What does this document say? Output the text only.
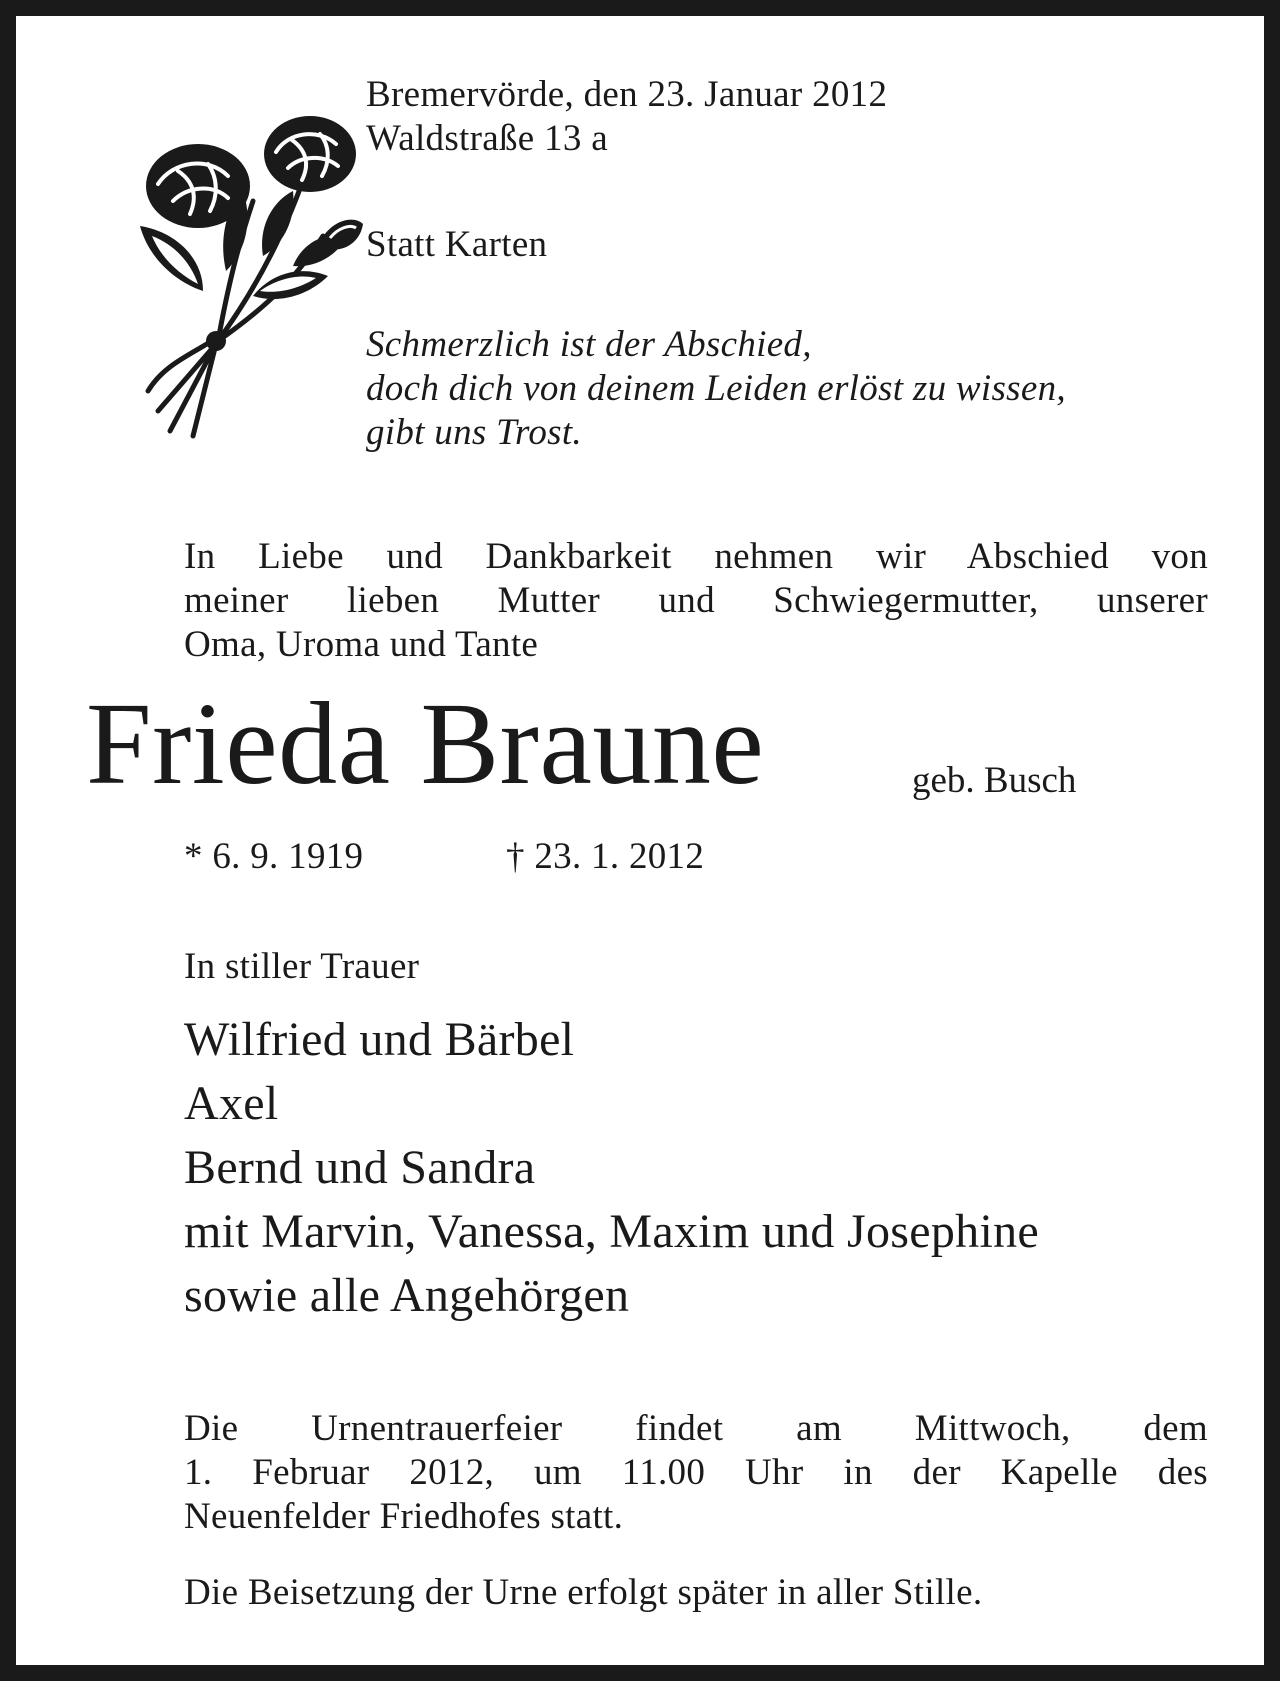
Bremervörde, den 23. Januar 2012

Waldstraße 13 a

Statt Karten

Schmerzlich ist der Abschied,

doch dich von deinem Leiden erlöst zu wissen,

gibt uns Trost.

In Liebe und Dankbarkeit nehmen wir Abschied von
meiner lieben Mutter und Schwiegermutter, unserer

Oma, Uroma und Tante

Frieda Braune	geb. Busch

* 6. 9. 1919	† 23. 1. 2012

In stiller Trauer

Wilfried und Bärbel

Axel

Bernd und Sandra

mit Marvin, Vanessa, Maxim und Josephine

sowie alle Angehörgen

Die Urnentrauerfeier findet am Mittwoch, dem
1. Februar 2012, um 11.00 Uhr in der Kapelle des

Neuenfelder Friedhofes statt.

Die Beisetzung der Urne erfolgt später in aller Stille.
